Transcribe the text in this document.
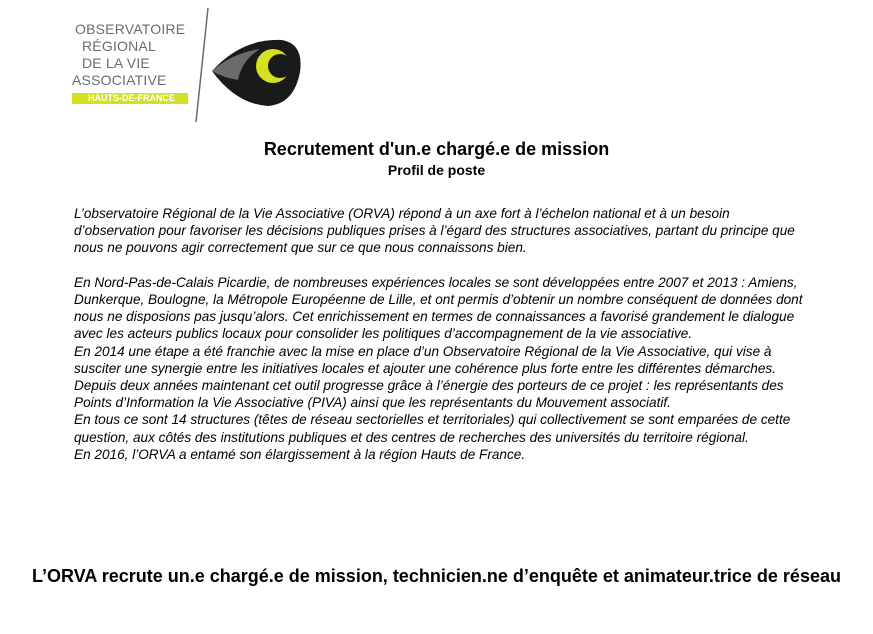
OBSERVATOIRE
RÉGIONAL
DE LA VIE
ASSOCIATIVE
HAUTS-DE-FRANCE
Recrutement d'un.e chargé.e de mission
Profil de poste

L’observatoire Régional de la Vie Associative (ORVA) répond à un axe fort à l’échelon national et à un besoin d’observation pour favoriser les décisions publiques prises à l’égard des structures associatives, partant du principe que nous ne pouvons agir correctement que sur ce que nous connaissons bien.

En Nord-Pas-de-Calais Picardie, de nombreuses expériences locales se sont développées entre 2007 et 2013 : Amiens, Dunkerque, Boulogne, la Métropole Européenne de Lille, et ont permis d’obtenir un nombre conséquent de données dont nous ne disposions pas jusqu’alors. Cet enrichissement en termes de connaissances a favorisé grandement le dialogue avec les acteurs publics locaux pour consolider les politiques d’accompagnement de la vie associative.

En 2014 une étape a été franchie avec la mise en place d’un Observatoire Régional de la Vie Associative, qui vise à susciter une synergie entre les initiatives locales et ajouter une cohérence plus forte entre les différentes démarches. Depuis deux années maintenant cet outil progresse grâce à l’énergie des porteurs de ce projet : les représentants des Points d’Information la Vie Associative (PIVA) ainsi que les représentants du Mouvement associatif.

En tous ce sont 14 structures (têtes de réseau sectorielles et territoriales) qui collectivement se sont emparées de cette question, aux côtés des institutions publiques et des centres de recherches des universités du territoire régional.

En 2016, l’ORVA a entamé son élargissement à la région Hauts de France.

L’ORVA recrute un.e chargé.e de mission, technicien.ne d’enquête et animateur.trice de réseau
